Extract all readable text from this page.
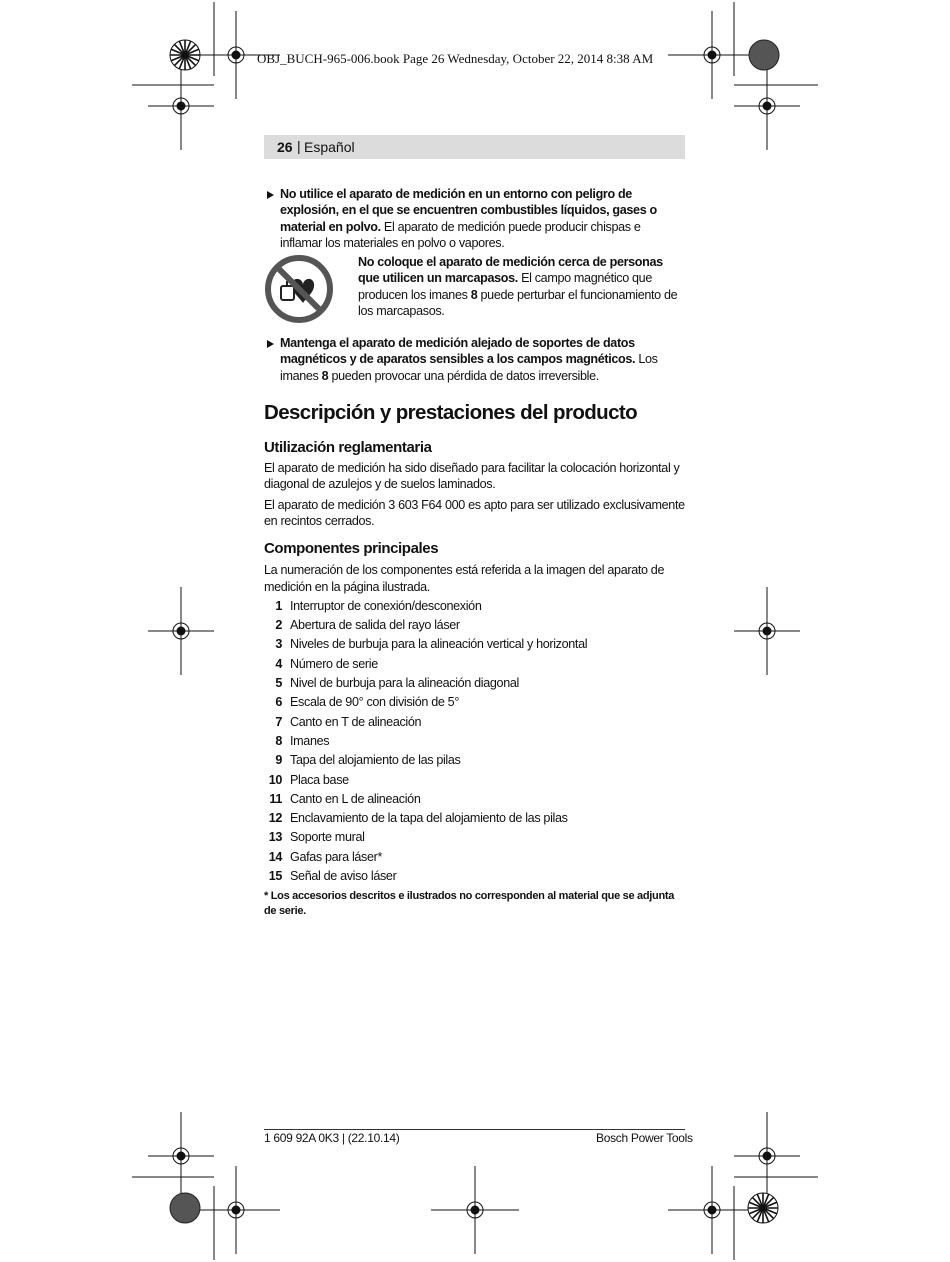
OBJ_BUCH-965-006.book Page 26 Wednesday, October 22, 2014 8:38 AM
26 | Español

No utilice el aparato de medición en un entorno con peligro de explosión, en el que se encuentren combustibles líquidos, gases o material en polvo. El aparato de medición puede producir chispas e inflamar los materiales en polvo o vapores.

No coloque el aparato de medición cerca de personas que utilicen un marcapasos. El campo magnético que producen los imanes 8 puede perturbar el funcionamiento de los marcapasos.

Mantenga el aparato de medición alejado de soportes de datos magnéticos y de aparatos sensibles a los campos magnéticos. Los imanes 8 pueden provocar una pérdida de datos irreversible.

Descripción y prestaciones del producto
Utilización reglamentaria

El aparato de medición ha sido diseñado para facilitar la colocación horizontal y diagonal de azulejos y de suelos laminados.

El aparato de medición 3 603 F64 000 es apto para ser utilizado exclusivamente en recintos cerrados.

Componentes principales

La numeración de los componentes está referida a la imagen del aparato de medición en la página ilustrada.

1 Interruptor de conexión/desconexión
2 Abertura de salida del rayo láser
3 Niveles de burbuja para la alineación vertical y horizontal
4 Número de serie
5 Nivel de burbuja para la alineación diagonal
6 Escala de 90° con división de 5°
7 Canto en T de alineación
8 Imanes
9 Tapa del alojamiento de las pilas
10 Placa base
11 Canto en L de alineación
12 Enclavamiento de la tapa del alojamiento de las pilas
13 Soporte mural
14 Gafas para láser*
15 Señal de aviso láser

* Los accesorios descritos e ilustrados no corresponden al material que se adjunta de serie.

1 609 92A 0K3 | (22.10.14)	Bosch Power Tools
